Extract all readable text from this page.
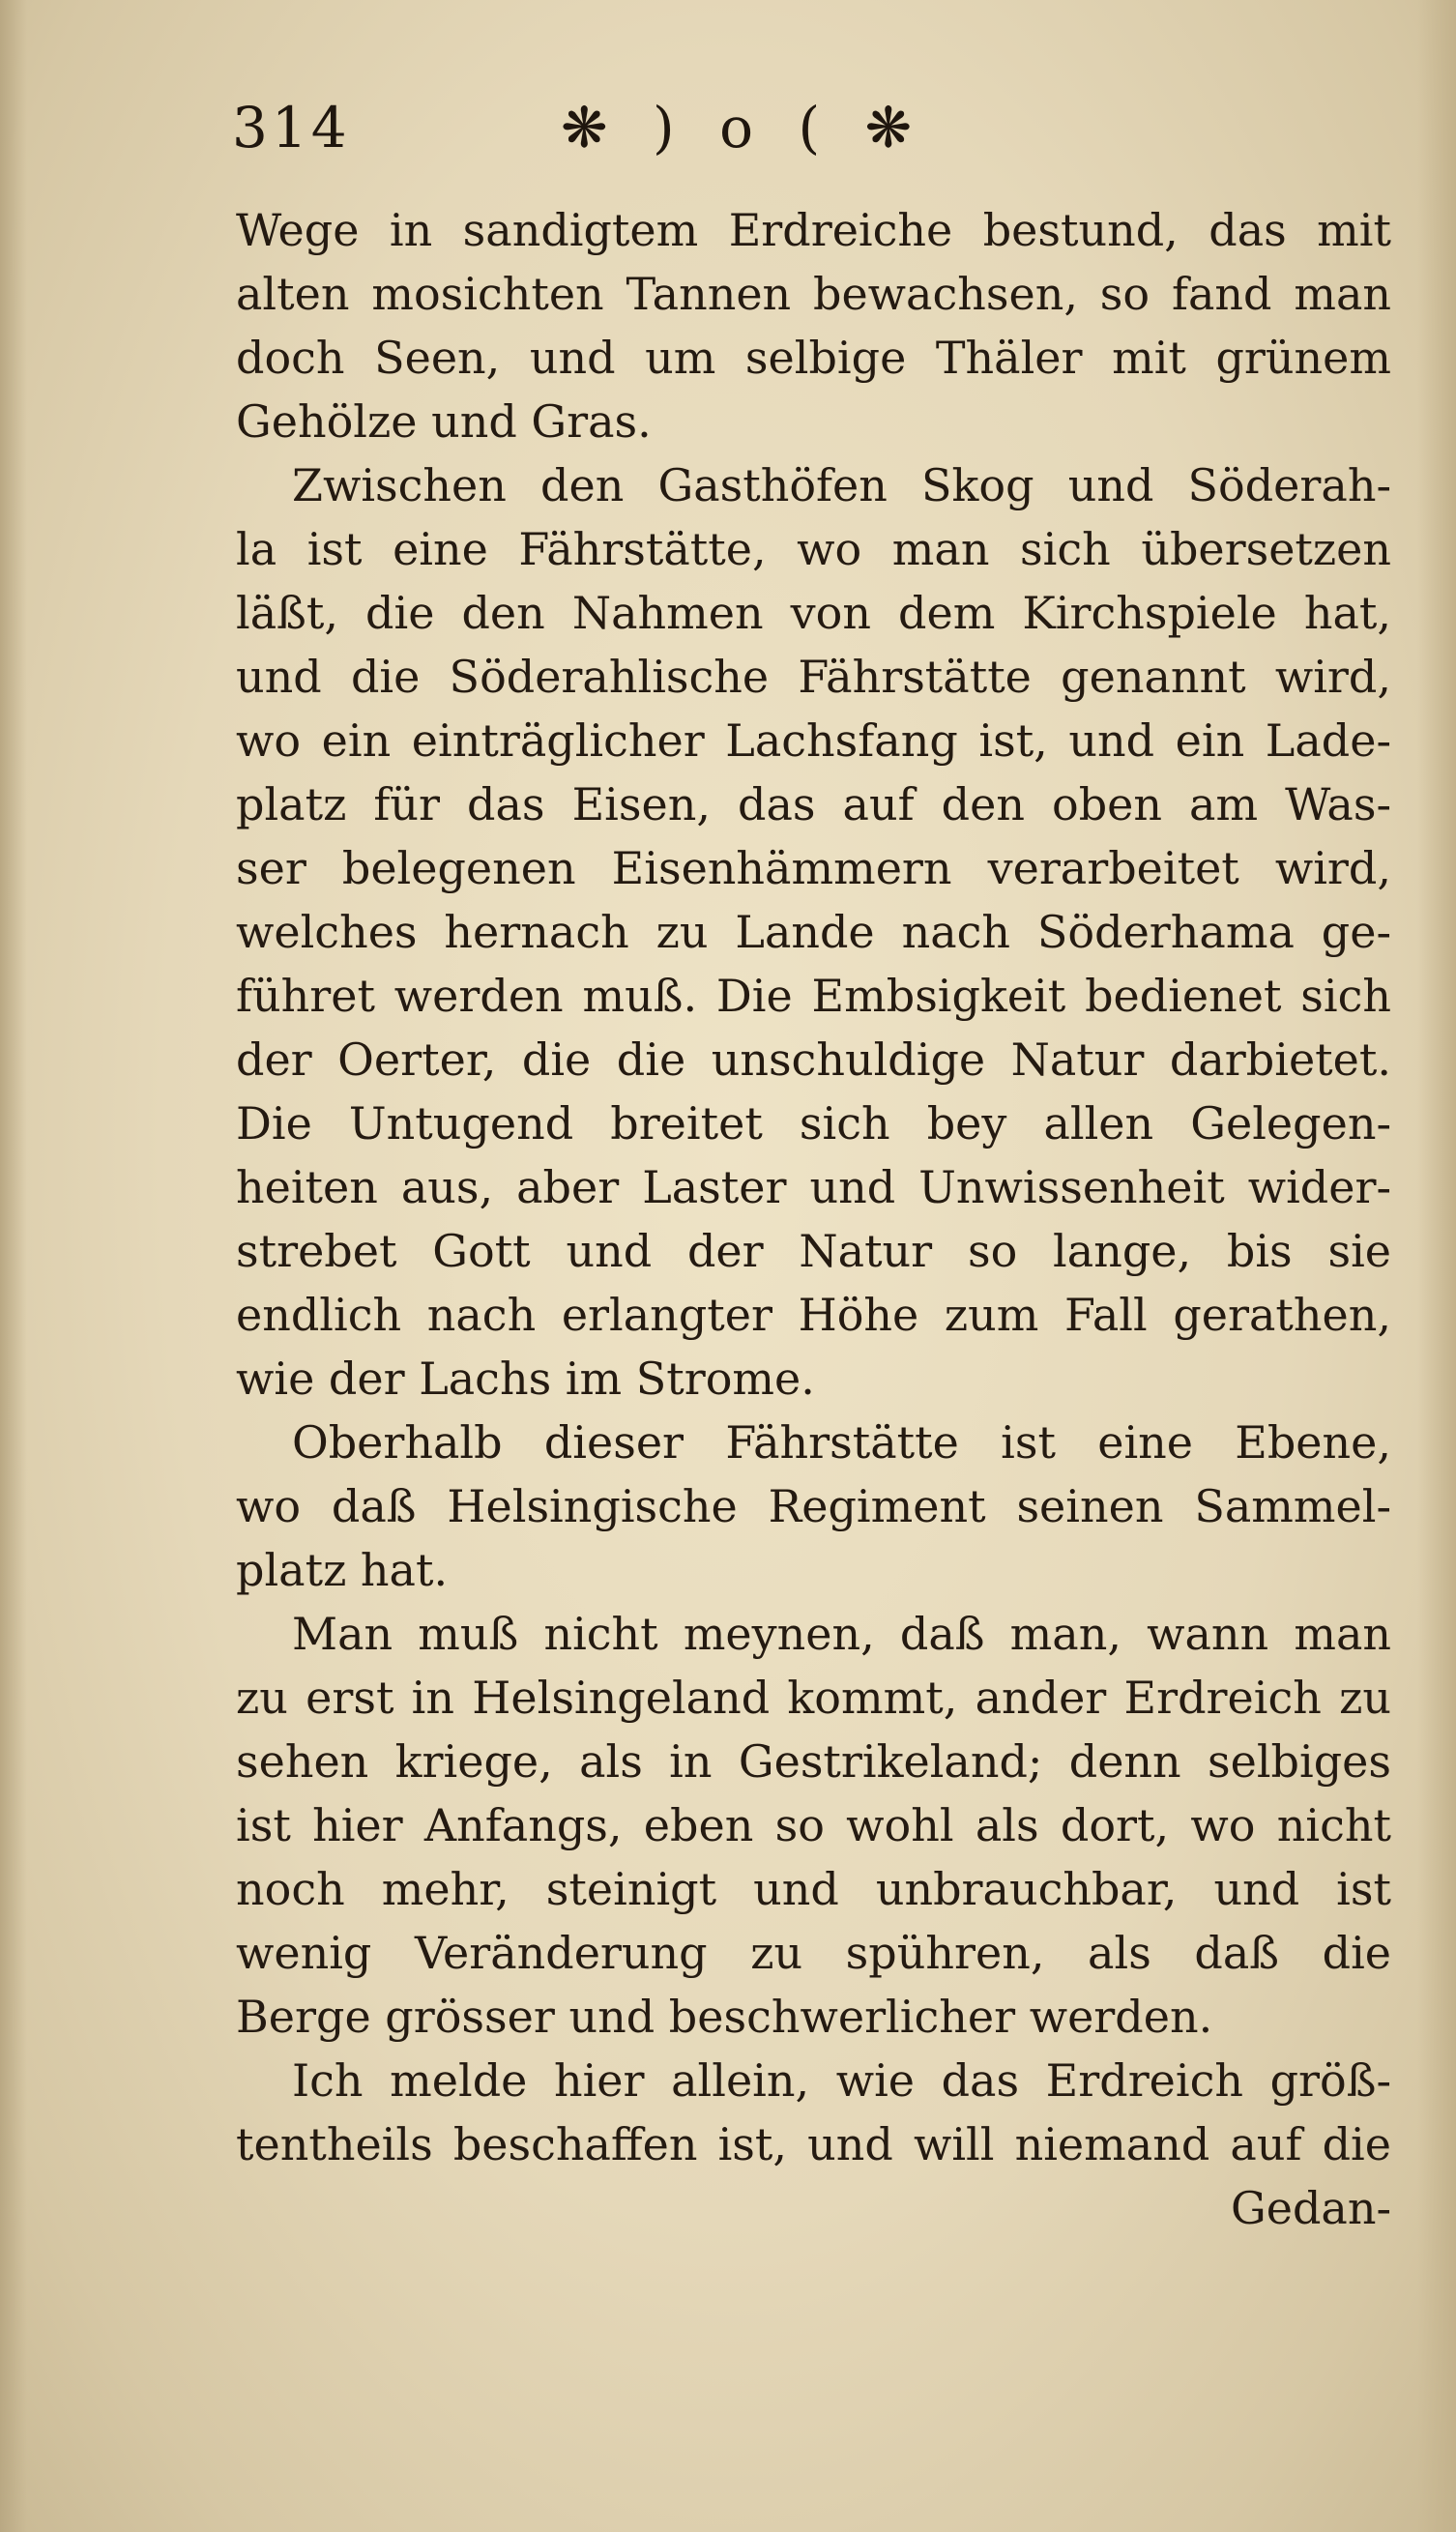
314	❋ ) o ( ❋
Wege in sandigtem Erdreiche bestund, das mit
alten mosichten Tannen bewachsen, so fand man
doch Seen, und um selbige Thäler mit grünem
Gehölze und Gras.
Zwischen den Gasthöfen Skog und Söderah-
la ist eine Fährstätte, wo man sich übersetzen
läßt, die den Nahmen von dem Kirchspiele hat,
und die Söderahlische Fährstätte genannt wird,
wo ein einträglicher Lachsfang ist, und ein Lade-
platz für das Eisen, das auf den oben am Was-
ser belegenen Eisenhämmern verarbeitet wird,
welches hernach zu Lande nach Söderhama ge-
führet werden muß. Die Embsigkeit bedienet sich
der Oerter, die die unschuldige Natur darbietet.
Die Untugend breitet sich bey allen Gelegen-
heiten aus, aber Laster und Unwissenheit wider-
strebet Gott und der Natur so lange, bis sie
endlich nach erlangter Höhe zum Fall gerathen,
wie der Lachs im Strome.
Oberhalb dieser Fährstätte ist eine Ebene,
wo daß Helsingische Regiment seinen Sammel-
platz hat.
Man muß nicht meynen, daß man, wann man
zu erst in Helsingeland kommt, ander Erdreich zu
sehen kriege, als in Gestrikeland; denn selbiges
ist hier Anfangs, eben so wohl als dort, wo nicht
noch mehr, steinigt und unbrauchbar, und ist
wenig Veränderung zu spühren, als daß die
Berge grösser und beschwerlicher werden.
Ich melde hier allein, wie das Erdreich größ-
tentheils beschaffen ist, und will niemand auf die
Gedan-
